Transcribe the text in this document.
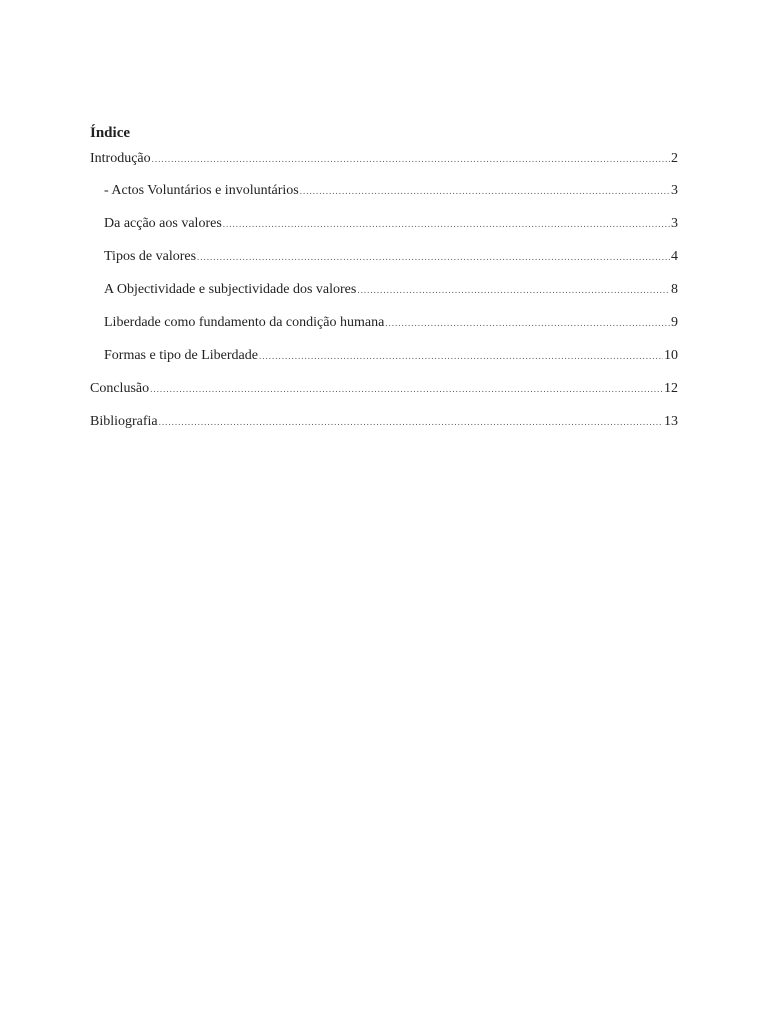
Índice

Introdução .....	2
- Actos Voluntários e involuntários .....	3
Da acção aos valores .....	3
Tipos de valores .....	4
A Objectividade e subjectividade dos valores .....	8
Liberdade como fundamento da condição humana .....	9
Formas e tipo de Liberdade .....	10
Conclusão .....	12
Bibliografia .....	13
